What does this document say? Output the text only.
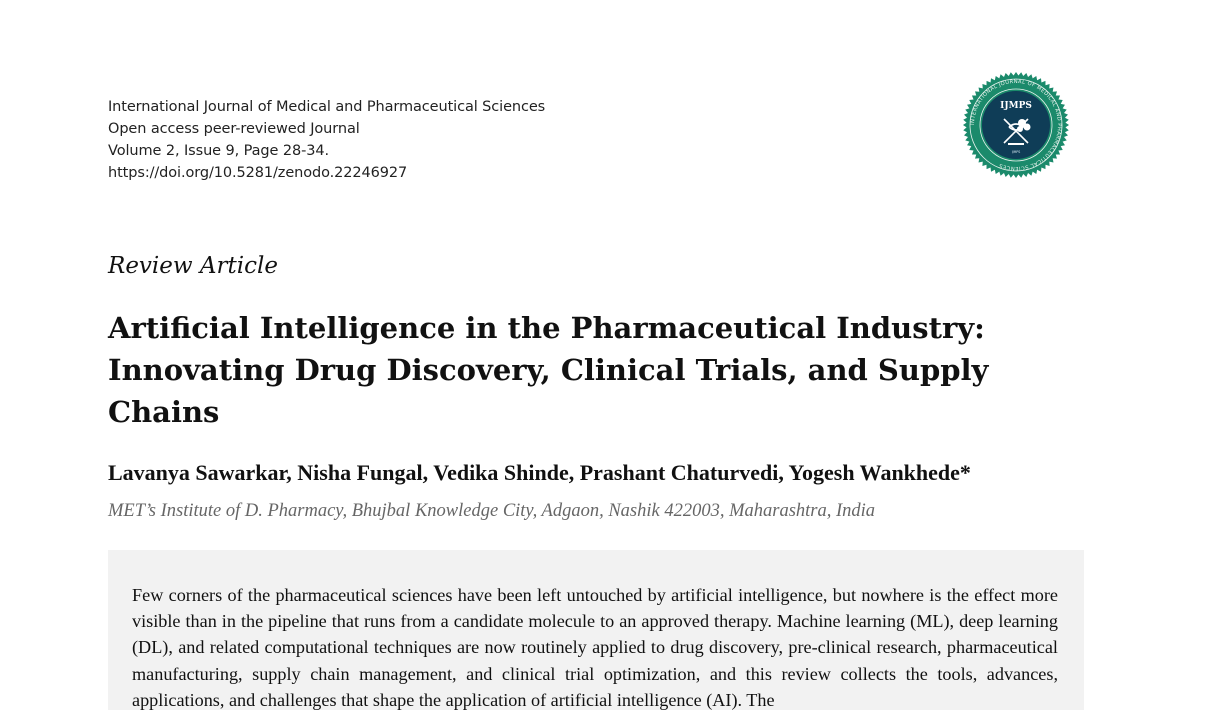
International Journal of Medical and Pharmaceutical Sciences
Open access peer-reviewed Journal
Volume 2, Issue 9, Page 28-34.
https://doi.org/10.5281/zenodo.22246927
INTERNATIONAL JOURNAL OF MEDICAL AND PHARMACEUTICAL SCIENCES
IJMPS
IJMPS
Review Article
Artificial Intelligence in the Pharmaceutical Industry: Innovating Drug Discovery, Clinical Trials, and Supply Chains
Lavanya Sawarkar, Nisha Fungal, Vedika Shinde, Prashant Chaturvedi, Yogesh Wankhede*
MET’s Institute of D. Pharmacy, Bhujbal Knowledge City, Adgaon, Nashik 422003, Maharashtra, India

Few corners of the pharmaceutical sciences have been left untouched by artificial intelligence, but nowhere is the effect more visible than in the pipeline that runs from a candidate molecule to an approved therapy. Machine learning (ML), deep learning (DL), and related computational techniques are now routinely applied to drug discovery, pre-clinical research, pharmaceutical manufacturing, supply chain management, and clinical trial optimization, and this review collects the tools, advances, applications, and challenges that shape the application of artificial intelligence (AI). The
